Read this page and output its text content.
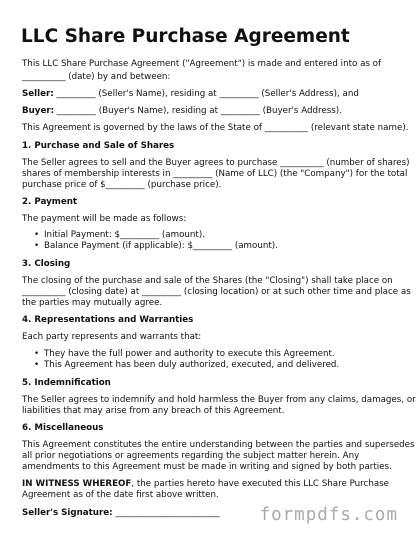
LLC Share Purchase Agreement

This LLC Share Purchase Agreement ("Agreement") is made and entered into as of

__________ (date) by and between:

Seller: _________ (Seller's Name), residing at _________ (Seller's Address), and

Buyer: _________ (Buyer's Name), residing at _________ (Buyer's Address).

This Agreement is governed by the laws of the State of __________ (relevant state name).

1. Purchase and Sale of Shares

The Seller agrees to sell and the Buyer agrees to purchase __________ (number of shares)

shares of membership interests in _________ (Name of LLC) (the "Company") for the total

purchase price of $_________ (purchase price).

2. Payment

The payment will be made as follows:

• Initial Payment: $_________ (amount).

• Balance Payment (if applicable): $_________ (amount).

3. Closing

The closing of the purchase and sale of the Shares (the "Closing") shall take place on

__________ (closing date) at _________ (closing location) or at such other time and place as

the parties may mutually agree.

4. Representations and Warranties

Each party represents and warrants that:

• They have the full power and authority to execute this Agreement.

• This Agreement has been duly authorized, executed, and delivered.

5. Indemnification

The Seller agrees to indemnify and hold harmless the Buyer from any claims, damages, or

liabilities that may arise from any breach of this Agreement.

6. Miscellaneous

This Agreement constitutes the entire understanding between the parties and supersedes

all prior negotiations or agreements regarding the subject matter herein. Any

amendments to this Agreement must be made in writing and signed by both parties.

IN WITNESS WHEREOF, the parties hereto have executed this LLC Share Purchase

Agreement as of the date first above written.

Seller's Signature: ________________________ formpdfs.com
